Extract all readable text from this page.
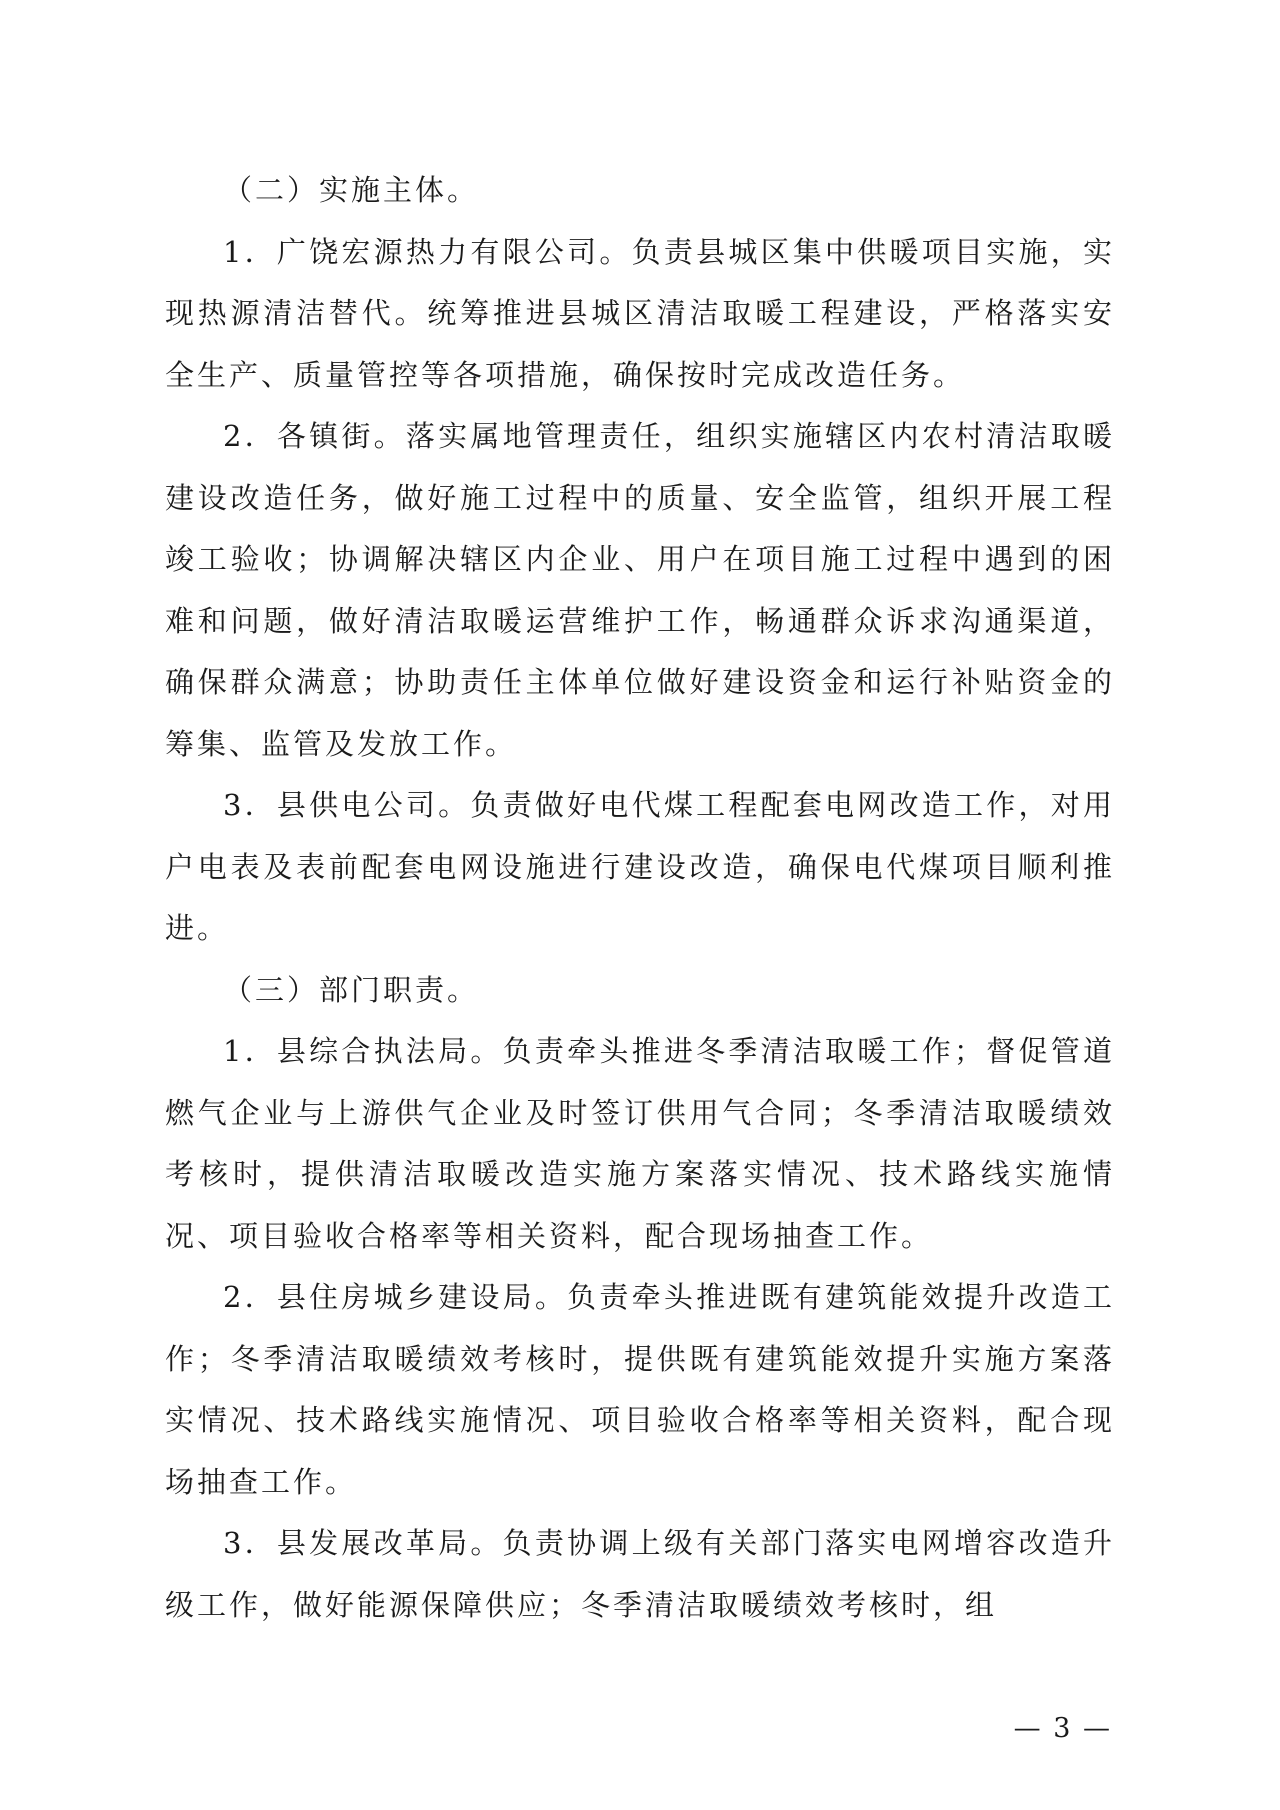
（二）实施主体。

1．广饶宏源热力有限公司。负责县城区集中供暖项目实施，实现热源清洁替代。统筹推进县城区清洁取暖工程建设，严格落实安全生产、质量管控等各项措施，确保按时完成改造任务。

2．各镇街。落实属地管理责任，组织实施辖区内农村清洁取暖建设改造任务，做好施工过程中的质量、安全监管，组织开展工程竣工验收；协调解决辖区内企业、用户在项目施工过程中遇到的困难和问题，做好清洁取暖运营维护工作，畅通群众诉求沟通渠道，确保群众满意；协助责任主体单位做好建设资金和运行补贴资金的筹集、监管及发放工作。

3．县供电公司。负责做好电代煤工程配套电网改造工作，对用户电表及表前配套电网设施进行建设改造，确保电代煤项目顺利推进。

（三）部门职责。

1．县综合执法局。负责牵头推进冬季清洁取暖工作；督促管道燃气企业与上游供气企业及时签订供用气合同；冬季清洁取暖绩效考核时，提供清洁取暖改造实施方案落实情况、技术路线实施情况、项目验收合格率等相关资料，配合现场抽查工作。

2．县住房城乡建设局。负责牵头推进既有建筑能效提升改造工作；冬季清洁取暖绩效考核时，提供既有建筑能效提升实施方案落实情况、技术路线实施情况、项目验收合格率等相关资料，配合现场抽查工作。

3．县发展改革局。负责协调上级有关部门落实电网增容改造升级工作，做好能源保障供应；冬季清洁取暖绩效考核时，组

— 3 —
